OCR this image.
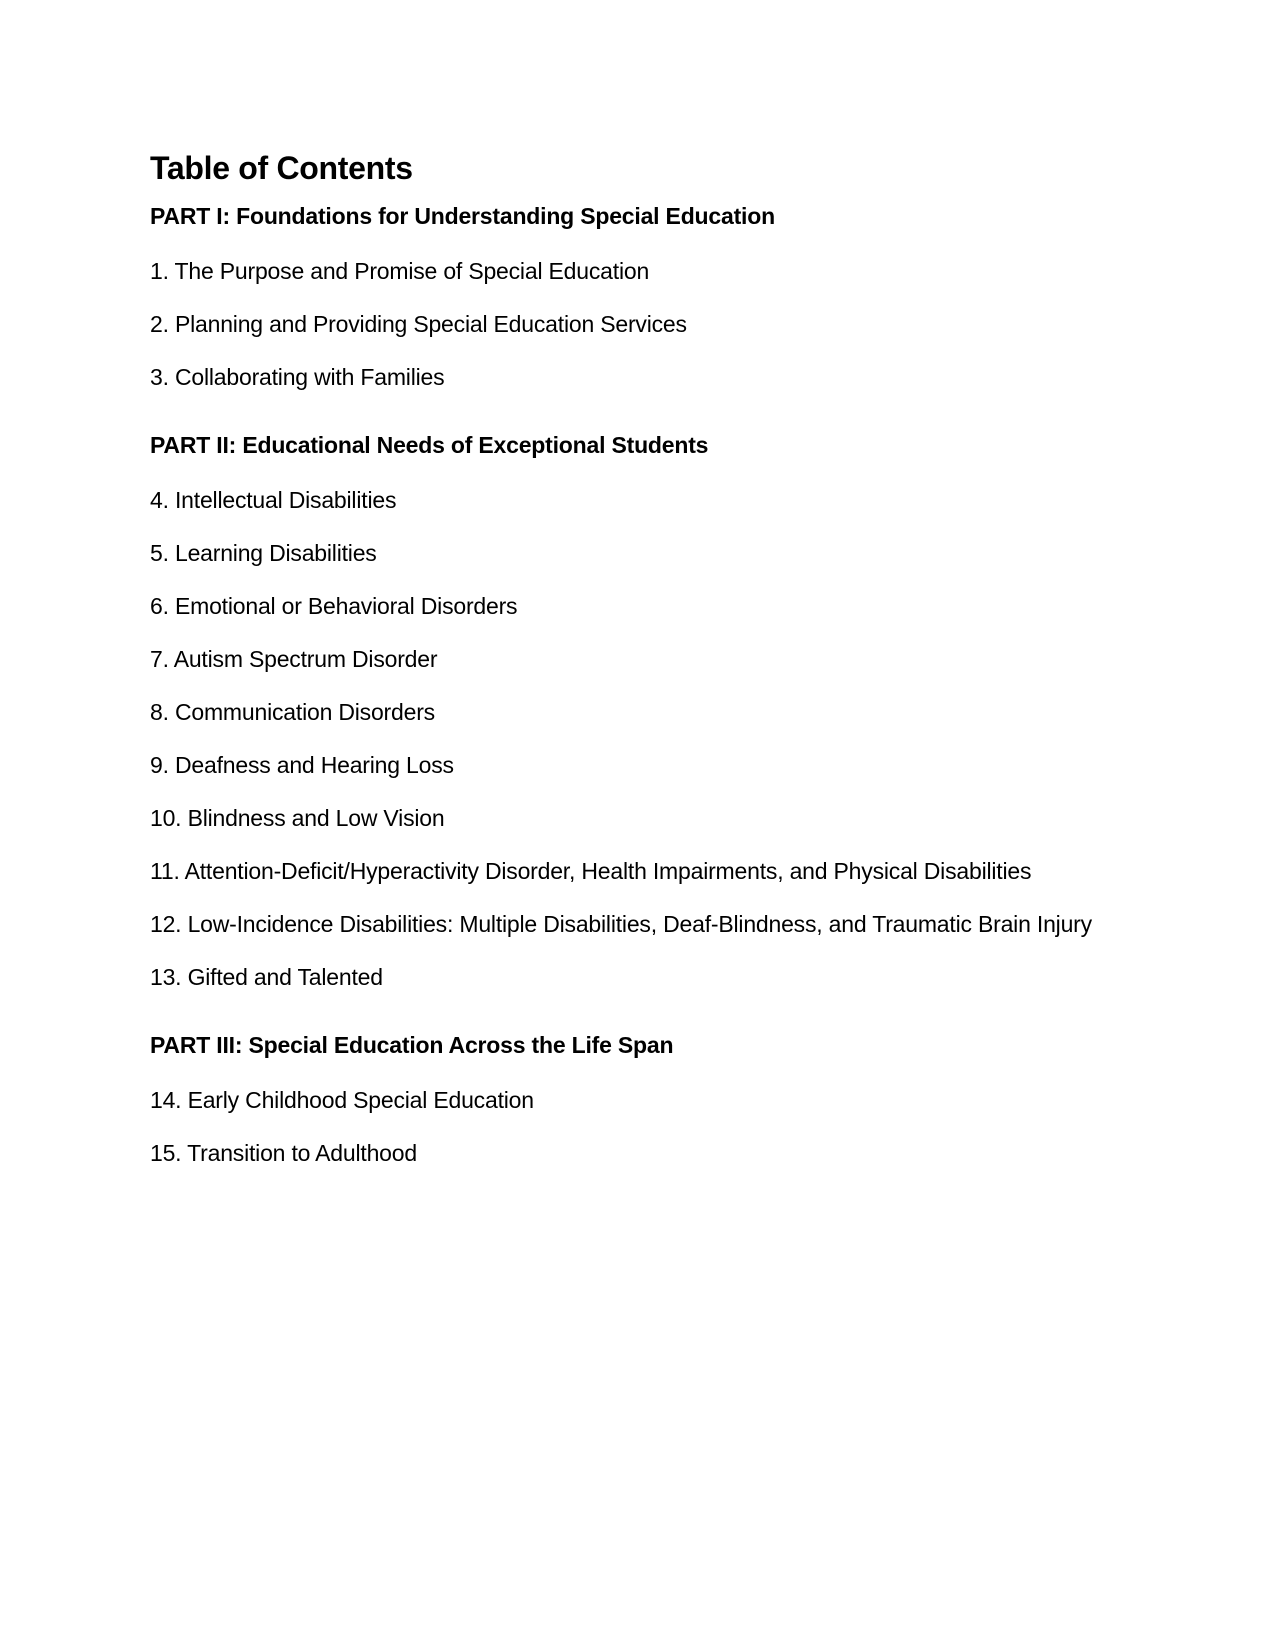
Table of Contents
PART I: Foundations for Understanding Special Education
1. The Purpose and Promise of Special Education
2. Planning and Providing Special Education Services
3. Collaborating with Families
PART II: Educational Needs of Exceptional Students
4. Intellectual Disabilities
5. Learning Disabilities
6. Emotional or Behavioral Disorders
7. Autism Spectrum Disorder
8. Communication Disorders
9. Deafness and Hearing Loss
10. Blindness and Low Vision
11. Attention-Deficit/Hyperactivity Disorder, Health Impairments, and Physical Disabilities
12. Low-Incidence Disabilities: Multiple Disabilities, Deaf-Blindness, and Traumatic Brain Injury
13. Gifted and Talented
PART III: Special Education Across the Life Span
14. Early Childhood Special Education
15. Transition to Adulthood
